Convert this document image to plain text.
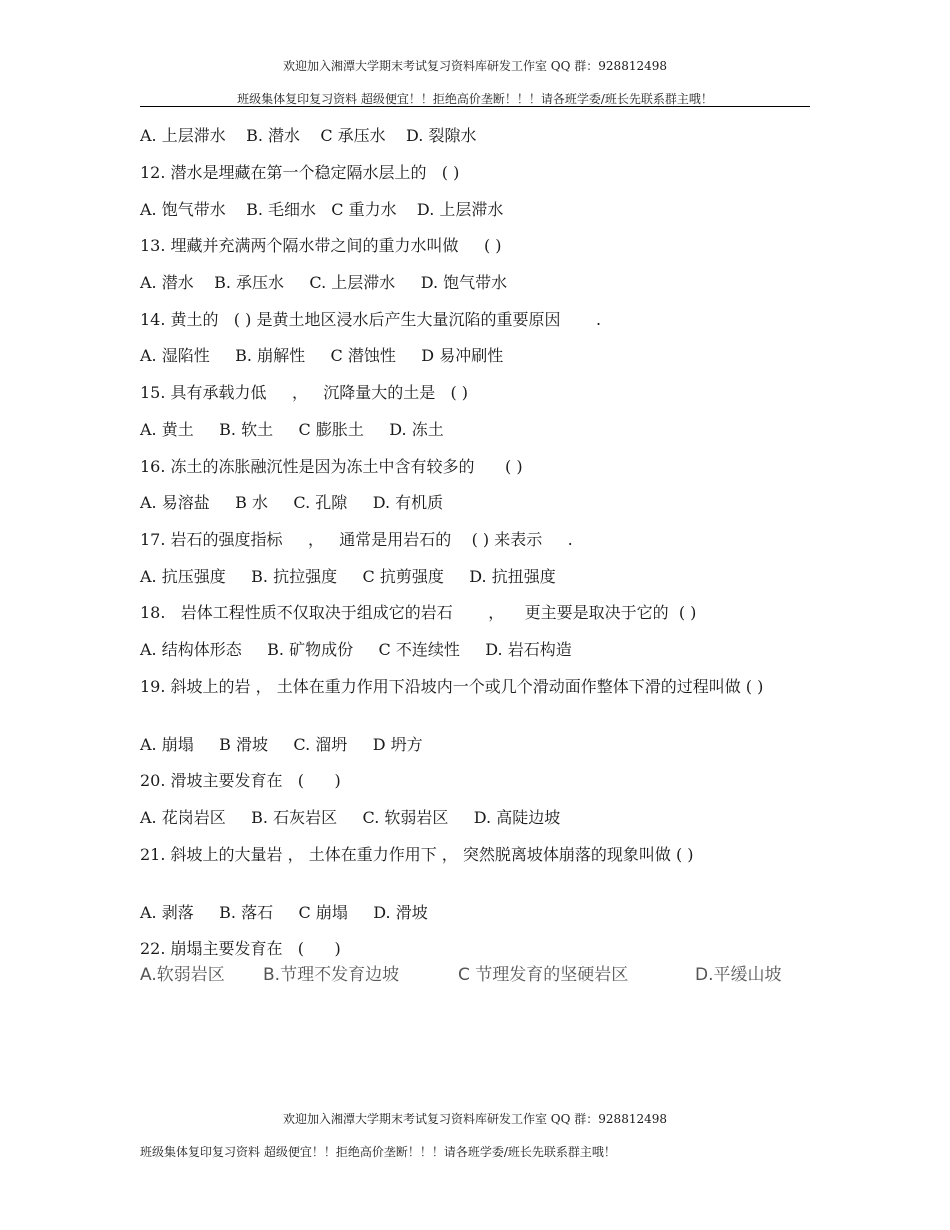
欢迎加入湘潭大学期末考试复习资料库研发工作室 QQ 群：928812498
班级集体复印复习资料 超级便宜！！拒绝高价垄断！！！请各班学委/班长先联系群主哦！
A. 上层滞水    B. 潜水    C 承压水    D. 裂隙水
12. 潜水是埋藏在第一个稳定隔水层上的   ( )
A. 饱气带水    B. 毛细水   C 重力水    D. 上层滞水
13. 埋藏并充满两个隔水带之间的重力水叫做     ( )
A. 潜水    B. 承压水     C. 上层滞水     D. 饱气带水
14. 黄土的   ( ) 是黄土地区浸水后产生大量沉陷的重要原因       .
A. 湿陷性     B. 崩解性     C 潜蚀性     D 易冲刷性
15. 具有承载力低     ，   沉降量大的土是   ( )
A. 黄土     B. 软土     C 膨胀土     D. 冻土
16. 冻土的冻胀融沉性是因为冻土中含有较多的      ( )
A. 易溶盐     B 水     C. 孔隙     D. 有机质
17. 岩石的强度指标     ，   通常是用岩石的    ( ) 来表示     .
A. 抗压强度     B. 抗拉强度     C 抗剪强度     D. 抗扭强度
18.   岩体工程性质不仅取决于组成它的岩石       ，    更主要是取决于它的  ( )
A. 结构体形态     B. 矿物成份     C 不连续性     D. 岩石构造
19. 斜坡上的岩 ， 土体在重力作用下沿坡内一个或几个滑动面作整体下滑的过程叫做 ( )
A. 崩塌     B 滑坡     C. 溜坍     D 坍方
20. 滑坡主要发育在   (      )
A. 花岗岩区     B. 石灰岩区     C. 软弱岩区     D. 高陡边坡
21. 斜坡上的大量岩 ， 土体在重力作用下 ， 突然脱离坡体崩落的现象叫做 ( )
A. 剥落     B. 落石     C 崩塌     D. 滑坡
22. 崩塌主要发育在   (      )

A.软弱岩区

B.节理不发育边坡

	C 节理发育的坚硬岩区

	D.平缓山坡

欢迎加入湘潭大学期末考试复习资料库研发工作室 QQ 群：928812498
班级集体复印复习资料 超级便宜！！拒绝高价垄断！！！请各班学委/班长先联系群主哦！
